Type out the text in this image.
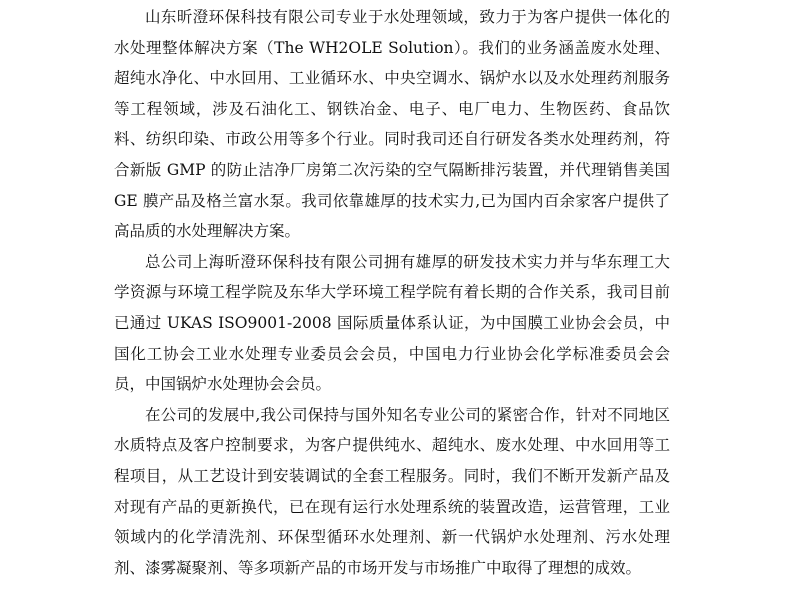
山东昕澄环保科技有限公司专业于水处理领域，致力于为客户提供一体化的水处理整体解决方案（The WH2OLE Solution）。我们的业务涵盖废水处理、超纯水净化、中水回用、工业循环水、中央空调水、锅炉水以及水处理药剂服务等工程领域，涉及石油化工、钢铁冶金、电子、电厂电力、生物医药、食品饮料、纺织印染、市政公用等多个行业。同时我司还自行研发各类水处理药剂，符合新版 GMP 的防止洁净厂房第二次污染的空气隔断排污装置，并代理销售美国 GE 膜产品及格兰富水泵。我司依靠雄厚的技术实力,已为国内百余家客户提供了高品质的水处理解决方案。

总公司上海昕澄环保科技有限公司拥有雄厚的研发技术实力并与华东理工大学资源与环境工程学院及东华大学环境工程学院有着长期的合作关系，我司目前已通过 UKAS ISO9001-2008 国际质量体系认证，为中国膜工业协会会员，中国化工协会工业水处理专业委员会会员，中国电力行业协会化学标准委员会会员，中国锅炉水处理协会会员。

在公司的发展中,我公司保持与国外知名专业公司的紧密合作，针对不同地区水质特点及客户控制要求，为客户提供纯水、超纯水、废水处理、中水回用等工程项目，从工艺设计到安装调试的全套工程服务。同时，我们不断开发新产品及对现有产品的更新换代，已在现有运行水处理系统的装置改造，运营管理，工业领域内的化学清洗剂、环保型循环水处理剂、新一代锅炉水处理剂、污水处理剂、漆雾凝聚剂、等多项新产品的市场开发与市场推广中取得了理想的成效。
